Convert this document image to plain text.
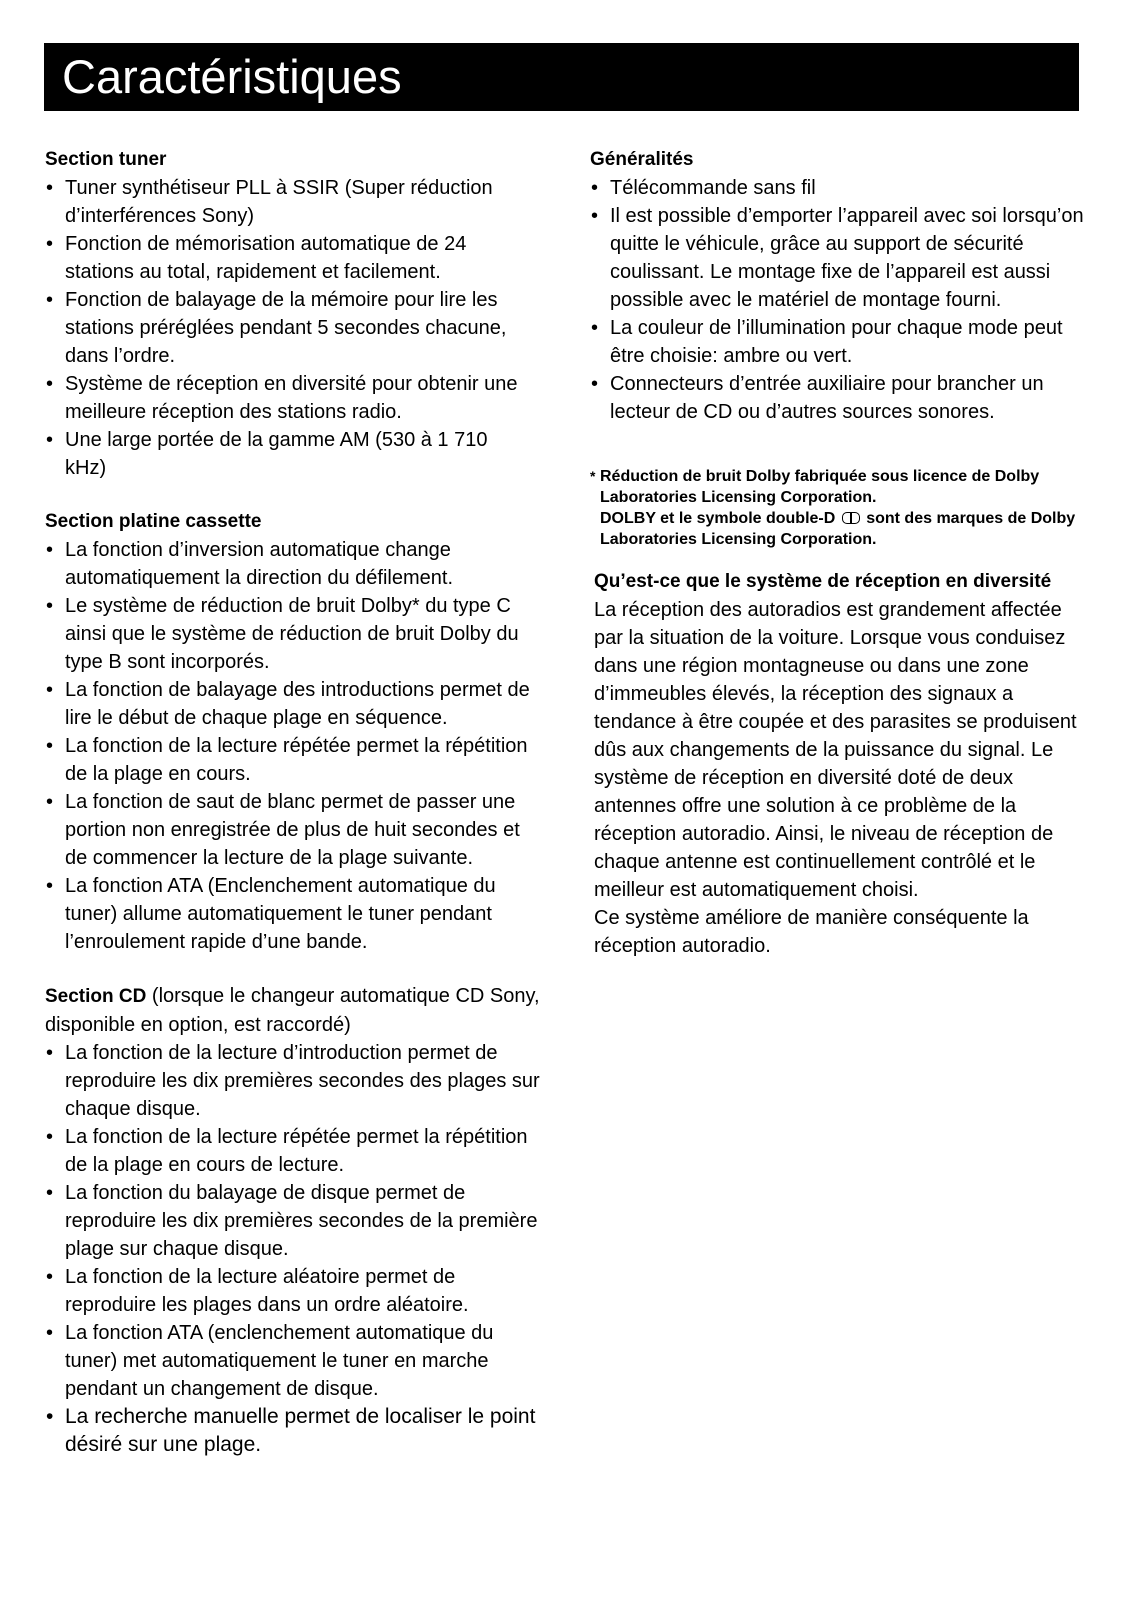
Caractéristiques

Section tuner

• Tuner synthétiseur PLL à SSIR (Super réduction d’interférences Sony)
• Fonction de mémorisation automatique de 24 stations au total, rapidement et facilement.
• Fonction de balayage de la mémoire pour lire les stations préréglées pendant 5 secondes chacune, dans l’ordre.
• Système de réception en diversité pour obtenir une meilleure réception des stations radio.
• Une large portée de la gamme AM (530 à 1 710 kHz)

Section platine cassette

• La fonction d’inversion automatique change automatiquement la direction du défilement.
• Le système de réduction de bruit Dolby* du type C ainsi que le système de réduction de bruit Dolby du type B sont incorporés.
• La fonction de balayage des introductions permet de lire le début de chaque plage en séquence.
• La fonction de la lecture répétée permet la répétition de la plage en cours.
• La fonction de saut de blanc permet de passer une portion non enregistrée de plus de huit secondes et de commencer la lecture de la plage suivante.
• La fonction ATA (Enclenchement automatique du tuner) allume automatiquement le tuner pendant l’enroulement rapide d’une bande.

Section CD (lorsque le changeur automatique CD Sony, disponible en option, est raccordé)

• La fonction de la lecture d’introduction permet de reproduire les dix premières secondes des plages sur chaque disque.
• La fonction de la lecture répétée permet la répétition de la plage en cours de lecture.
• La fonction du balayage de disque permet de reproduire les dix premières secondes de la première plage sur chaque disque.
• La fonction de la lecture aléatoire permet de reproduire les plages dans un ordre aléatoire.
• La fonction ATA (enclenchement automatique du tuner) met automatiquement le tuner en marche pendant un changement de disque.
• La recherche manuelle permet de localiser le point désiré sur une plage.

Généralités

• Télécommande sans fil
• Il est possible d’emporter l’appareil avec soi lorsqu’on quitte le véhicule, grâce au support de sécurité coulissant. Le montage fixe de l’appareil est aussi possible avec le matériel de montage fourni.
• La couleur de l’illumination pour chaque mode peut être choisie: ambre ou vert.
• Connecteurs d’entrée auxiliaire pour brancher un lecteur de CD ou d’autres sources sonores.
* Réduction de bruit Dolby fabriquée sous licence de Dolby Laboratories Licensing Corporation.

DOLBY et le symbole double-D sont des marques de Dolby Laboratories Licensing Corporation.

Qu’est-ce que le système de réception en diversité

La réception des autoradios est grandement affectée par la situation de la voiture. Lorsque vous conduisez dans une région montagneuse ou dans une zone d’immeubles élevés, la réception des signaux a tendance à être coupée et des parasites se produisent dûs aux changements de la puissance du signal. Le système de réception en diversité doté de deux antennes offre une solution à ce problème de la réception autoradio. Ainsi, le niveau de réception de chaque antenne est continuellement contrôlé et le meilleur est automatiquement choisi.

Ce système améliore de manière conséquente la réception autoradio.
